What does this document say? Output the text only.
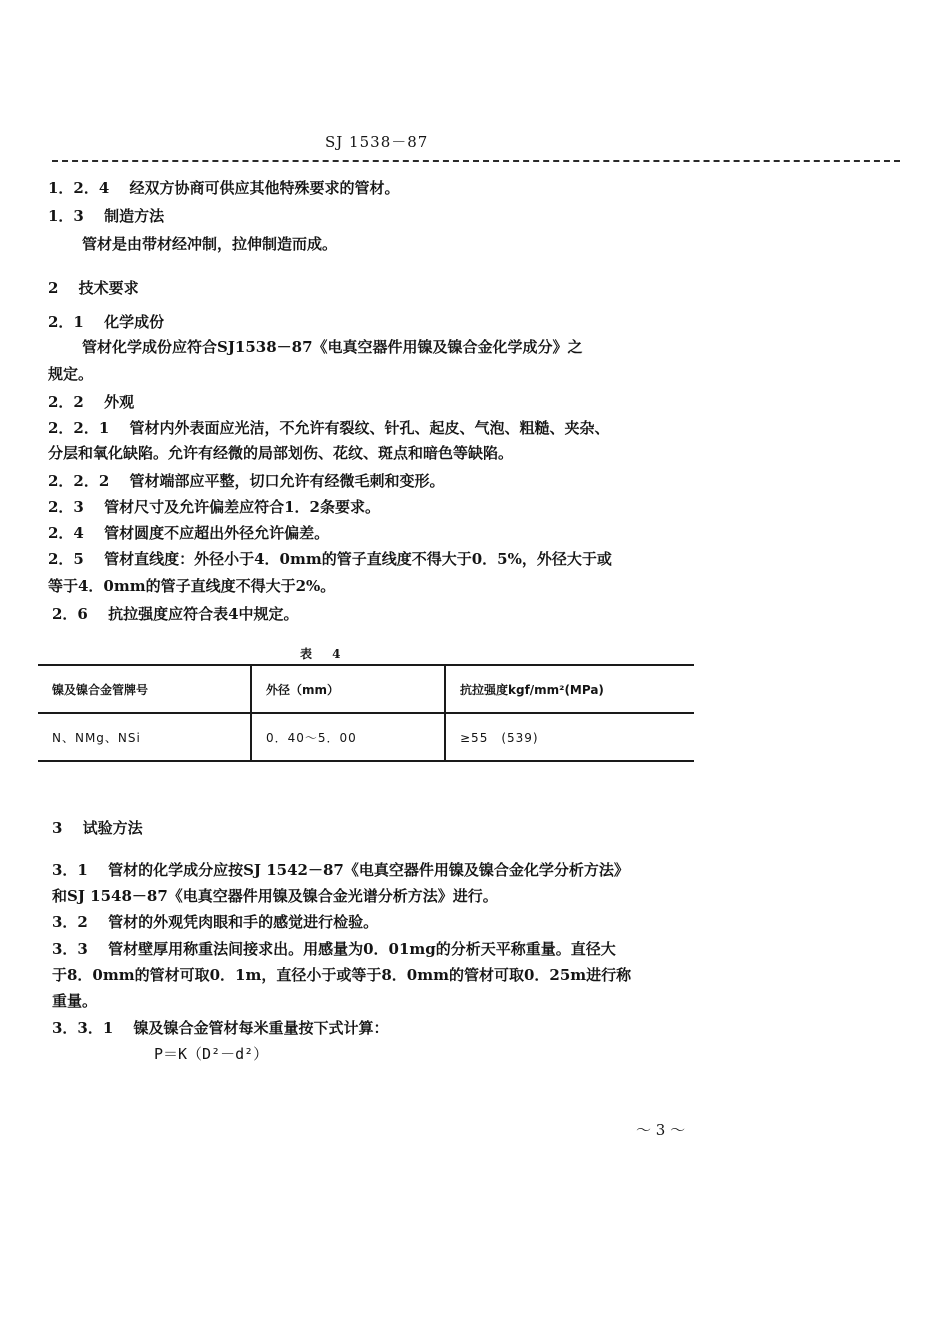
SJ 1538－87
1．2．4　 经双方协商可供应其他特殊要求的管材。
1．3　 制造方法
管材是由带材经冲制，拉伸制造而成。
2　 技术要求
2．1　 化学成份
管材化学成份应符合SJ1538－87《电真空器件用镍及镍合金化学成分》之
规定。
2．2　 外观
2．2．1　 管材内外表面应光洁，不允许有裂纹、针孔、起皮、气泡、粗糙、夹杂、
分层和氧化缺陷。允许有经微的局部划伤、花纹、斑点和暗色等缺陷。
2．2．2　 管材端部应平整，切口允许有经微毛刺和变形。
2．3　 管材尺寸及允许偏差应符合1．2条要求。
2．4　 管材圆度不应超出外径允许偏差。
2．5　 管材直线度：外径小于4．0mm的管子直线度不得大于0．5%，外径大于或
等于4．0mm的管子直线度不得大于2%。
2．6　 抗拉强度应符合表4中规定。
表 4
镍及镍合金管牌号	外径（mm）	抗拉强度kgf/mm²(MPa)
N、NMg、NSi	0．40～5．00	≥55　(539)
3　 试验方法
3．1　 管材的化学成分应按SJ 1542－87《电真空器件用镍及镍合金化学分析方法》
和SJ 1548－87《电真空器件用镍及镍合金光谱分析方法》进行。
3．2　 管材的外观凭肉眼和手的感觉进行检验。
3．3　 管材壁厚用称重法间接求出。用感量为0．01mg的分析天平称重量。直径大
于8．0mm的管材可取0．1m，直径小于或等于8．0mm的管材可取0．25m进行称
重量。
3．3．1　 镍及镍合金管材每米重量按下式计算：
P＝K（D²－d²）
～ 3 ～
